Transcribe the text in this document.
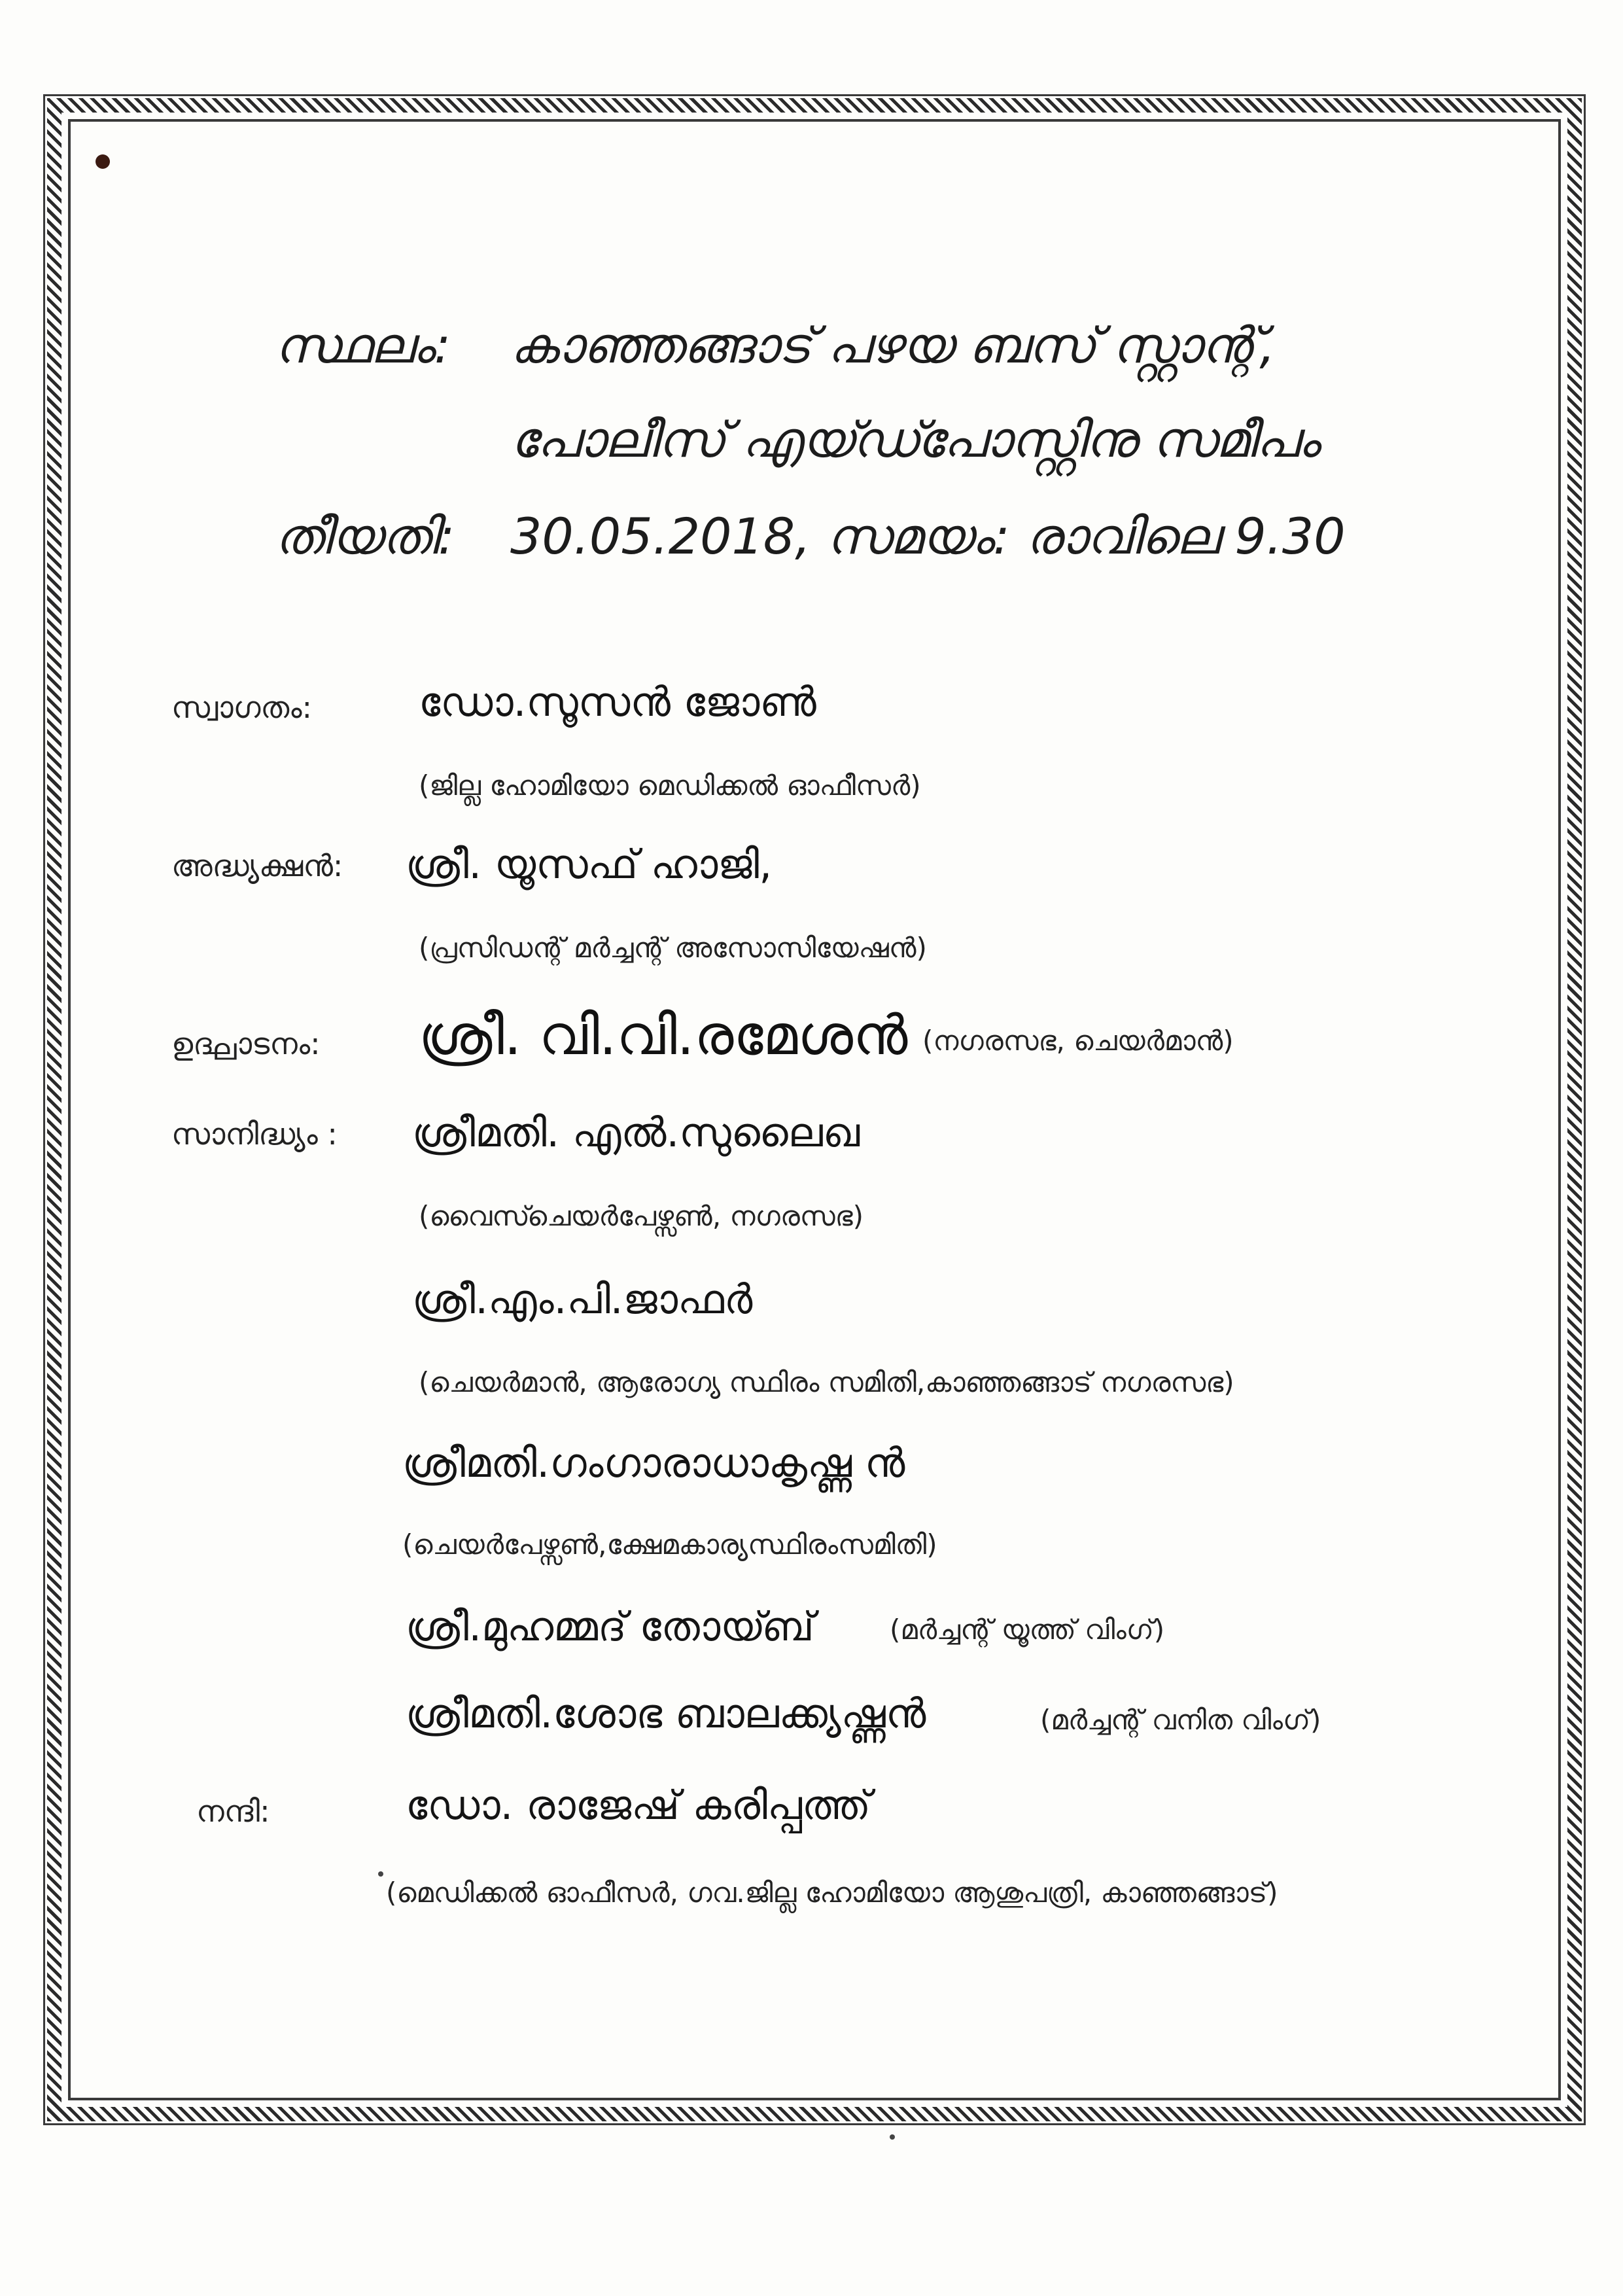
സ്ഥലം: കാഞ്ഞങ്ങാട് പഴയ ബസ് സ്റ്റാന്റ്,
പോലീസ് എയ്ഡ്പോസ്റ്റിനു സമീപം
തീയതി: 30.05.2018, സമയം: രാവിലെ 9.30
സ്വാഗതം:	ഡോ.സൂസൻ ജോൺ
(ജില്ല ഹോമിയോ മെഡിക്കൽ ഓഫീസർ)
അദ്ധ്യക്ഷൻ: ശ്രീ. യൂസഫ് ഹാജി,
(പ്രസിഡന്റ് മർച്ചന്റ് അസോസിയേഷൻ)
ഉദ്ഘാടനം: ശ്രീ. വി.വി.രമേശൻ (നഗരസഭ, ചെയർമാൻ)
സാനിദ്ധ്യം : ശ്രീമതി. എൽ.സുലൈഖ
(വൈസ്ചെയർപേഴ്സൺ, നഗരസഭ)
ശ്രീ.എം.പി.ജാഫർ
(ചെയർമാൻ, ആരോഗ്യ സ്ഥിരം സമിതി,കാഞ്ഞങ്ങാട് നഗരസഭ)
ശ്രീമതി.ഗംഗാരാധാകൃഷ്ണ ൻ
(ചെയർപേഴ്സൺ,ക്ഷേമകാര്യസ്ഥിരംസമിതി)
ശ്രീ.മുഹമ്മദ് തോയ്ബ്	(മർച്ചന്റ് യൂത്ത് വിംഗ്)
ശ്രീമതി.ശോഭ ബാലക്ക്യഷ്ണൻ	(മർച്ചന്റ് വനിത വിംഗ്)
നന്ദി:	ഡോ. രാജേഷ് കരിപ്പത്ത്
(മെഡിക്കൽ ഓഫീസർ, ഗവ.ജില്ല ഹോമിയോ ആശുപത്രി, കാഞ്ഞങ്ങാട്)
